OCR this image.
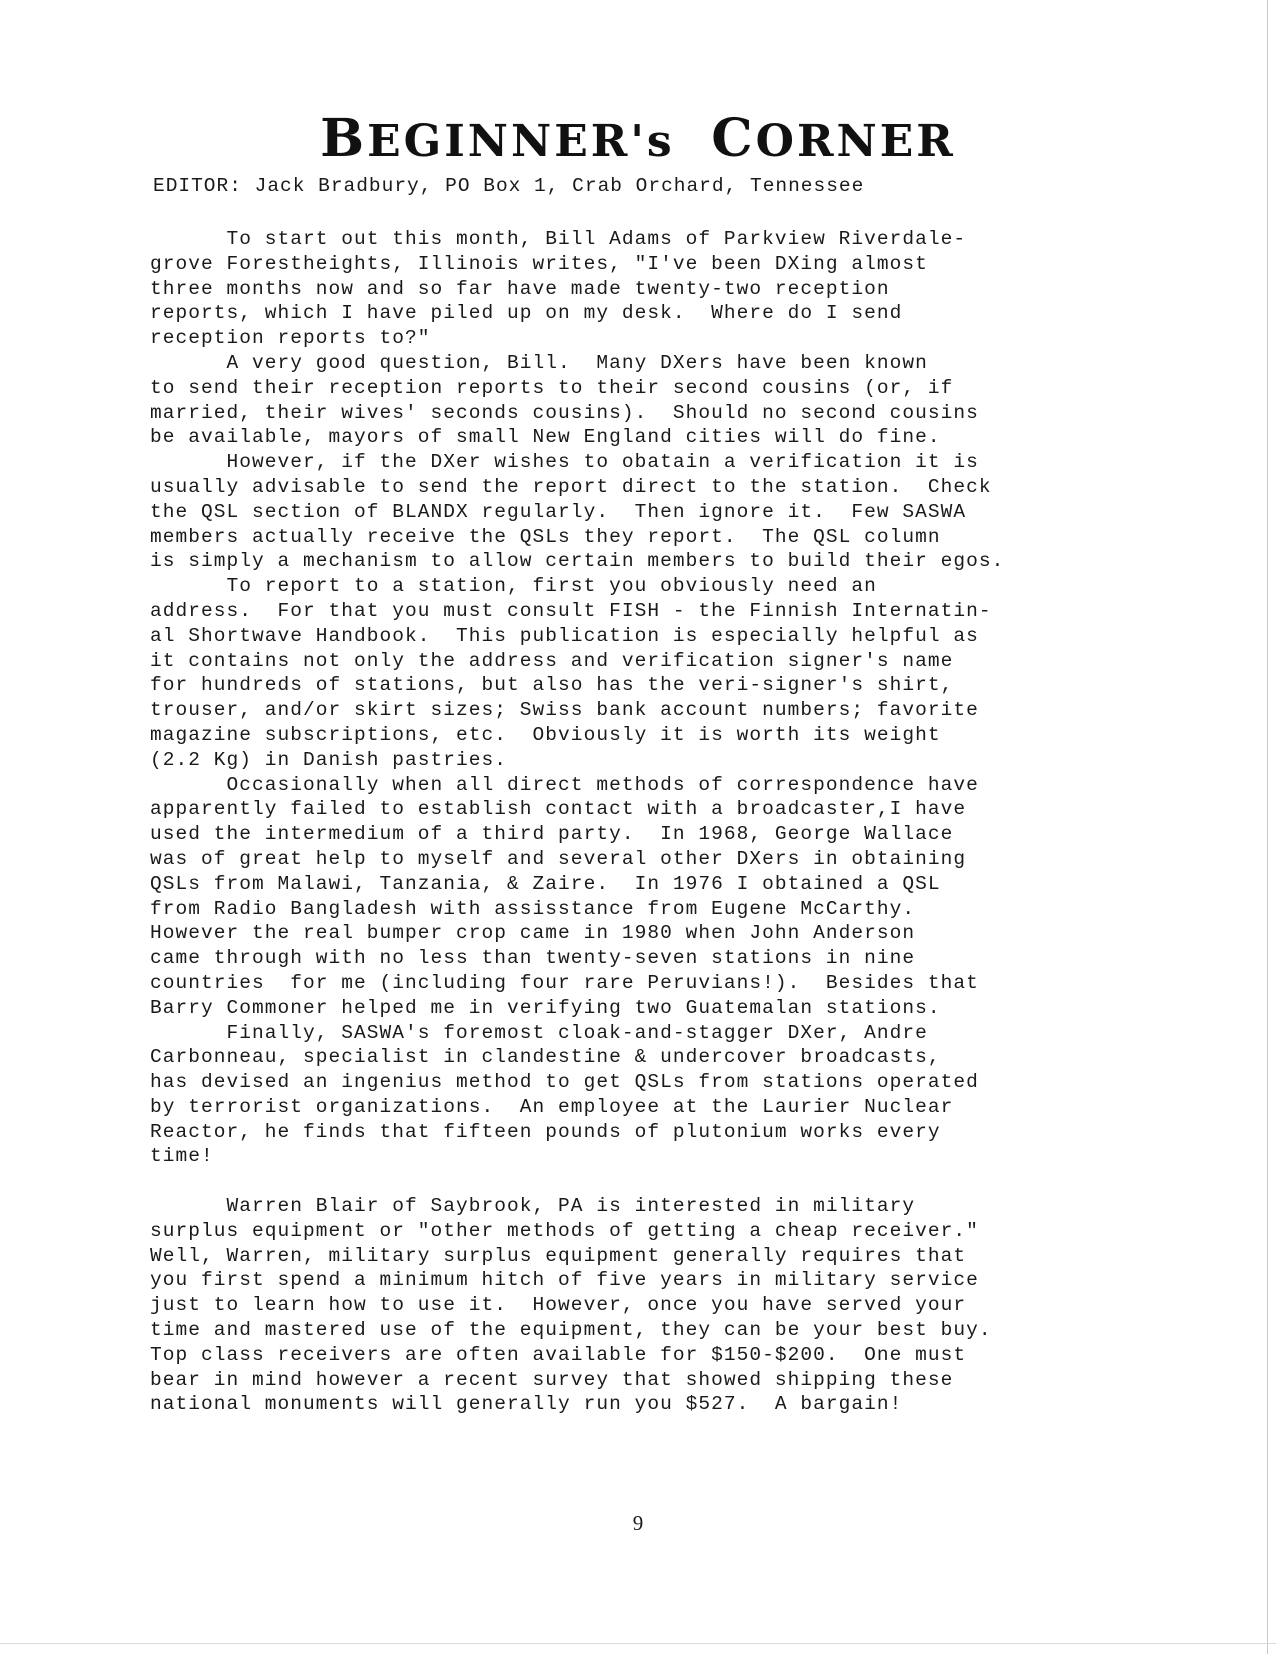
BEGINNER's CORNER

EDITOR: Jack Bradbury, PO Box 1, Crab Orchard, Tennessee

To start out this month, Bill Adams of Parkview Riverdale-
grove Forestheights, Illinois writes, "I've been DXing almost
three months now and so far have made twenty-two reception
reports, which I have piled up on my desk.  Where do I send
reception reports to?"
A very good question, Bill.  Many DXers have been known
to send their reception reports to their second cousins (or, if
married, their wives' seconds cousins).  Should no second cousins
be available, mayors of small New England cities will do fine.
However, if the DXer wishes to obatain a verification it is
usually advisable to send the report direct to the station.  Check
the QSL section of BLANDX regularly.  Then ignore it.  Few SASWA
members actually receive the QSLs they report.  The QSL column
is simply a mechanism to allow certain members to build their egos.
To report to a station, first you obviously need an
address.  For that you must consult FISH - the Finnish Internatin-
al Shortwave Handbook.  This publication is especially helpful as
it contains not only the address and verification signer's name
for hundreds of stations, but also has the veri-signer's shirt,
trouser, and/or skirt sizes; Swiss bank account numbers; favorite
magazine subscriptions, etc.  Obviously it is worth its weight
(2.2 Kg) in Danish pastries.
Occasionally when all direct methods of correspondence have
apparently failed to establish contact with a broadcaster,I have
used the intermedium of a third party.  In 1968, George Wallace
was of great help to myself and several other DXers in obtaining
QSLs from Malawi, Tanzania, & Zaire.  In 1976 I obtained a QSL
from Radio Bangladesh with assisstance from Eugene McCarthy.
However the real bumper crop came in 1980 when John Anderson
came through with no less than twenty-seven stations in nine
countries  for me (including four rare Peruvians!).  Besides that
Barry Commoner helped me in verifying two Guatemalan stations.
Finally, SASWA's foremost cloak-and-stagger DXer, Andre
Carbonneau, specialist in clandestine & undercover broadcasts,
has devised an ingenius method to get QSLs from stations operated
by terrorist organizations.  An employee at the Laurier Nuclear
Reactor, he finds that fifteen pounds of plutonium works every
time!
Warren Blair of Saybrook, PA is interested in military
surplus equipment or "other methods of getting a cheap receiver."
Well, Warren, military surplus equipment generally requires that
you first spend a minimum hitch of five years in military service
just to learn how to use it.  However, once you have served your
time and mastered use of the equipment, they can be your best buy.
Top class receivers are often available for $150-$200.  One must
bear in mind however a recent survey that showed shipping these
national monuments will generally run you $527.  A bargain!

9
